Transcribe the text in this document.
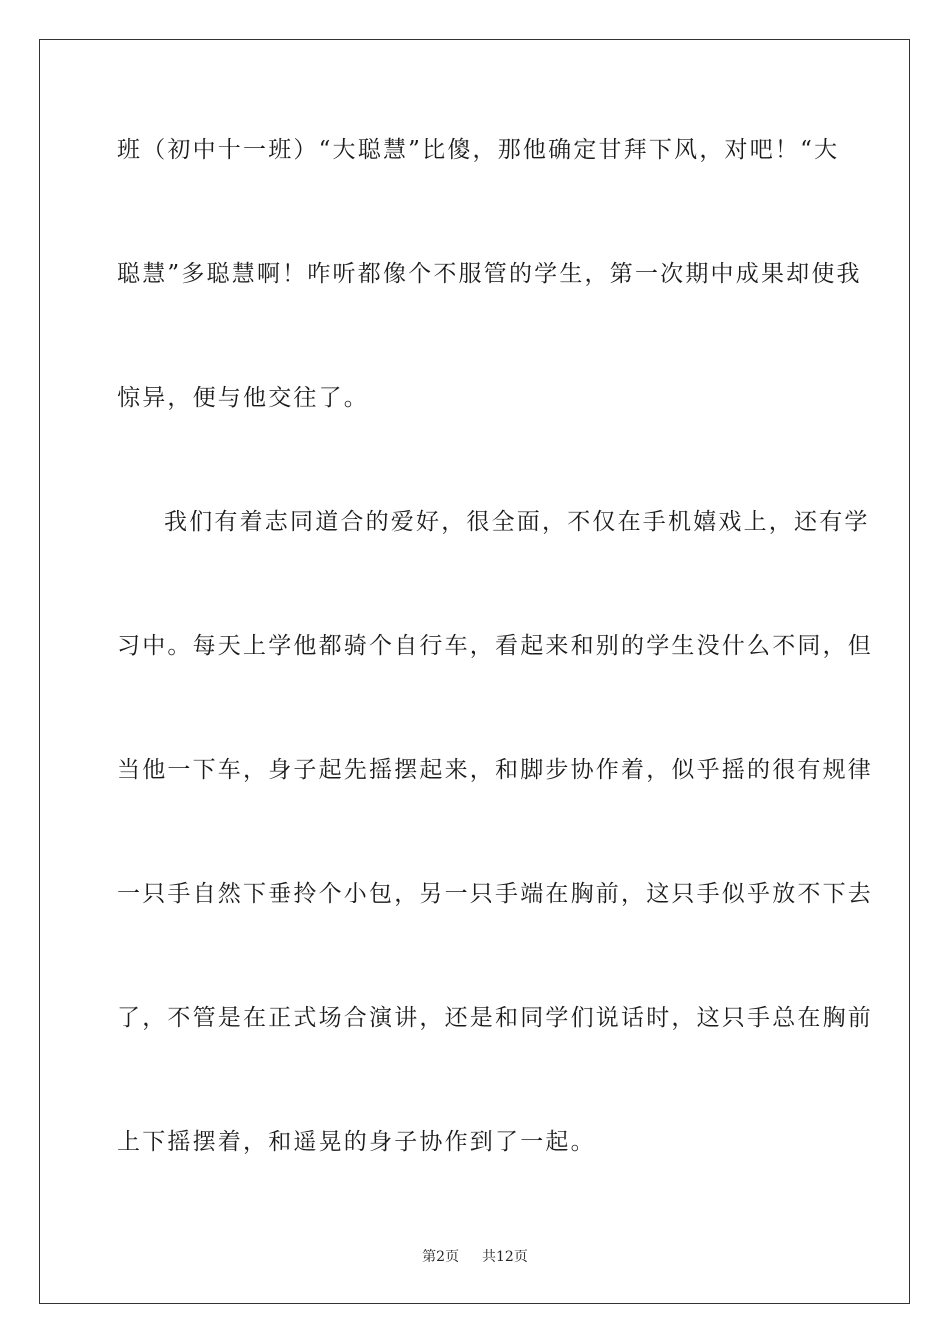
班（初中十一班）“大聪慧”比傻，那他确定甘拜下风，对吧！“大
聪慧”多聪慧啊！咋听都像个不服管的学生，第一次期中成果却使我
惊异，便与他交往了。
我们有着志同道合的爱好，很全面，不仅在手机嬉戏上，还有学
习中。每天上学他都骑个自行车，看起来和别的学生没什么不同，但
当他一下车，身子起先摇摆起来，和脚步协作着，似乎摇的很有规律
一只手自然下垂拎个小包，另一只手端在胸前，这只手似乎放不下去
了，不管是在正式场合演讲，还是和同学们说话时，这只手总在胸前
上下摇摆着，和遥晃的身子协作到了一起。
第2页 共12页
